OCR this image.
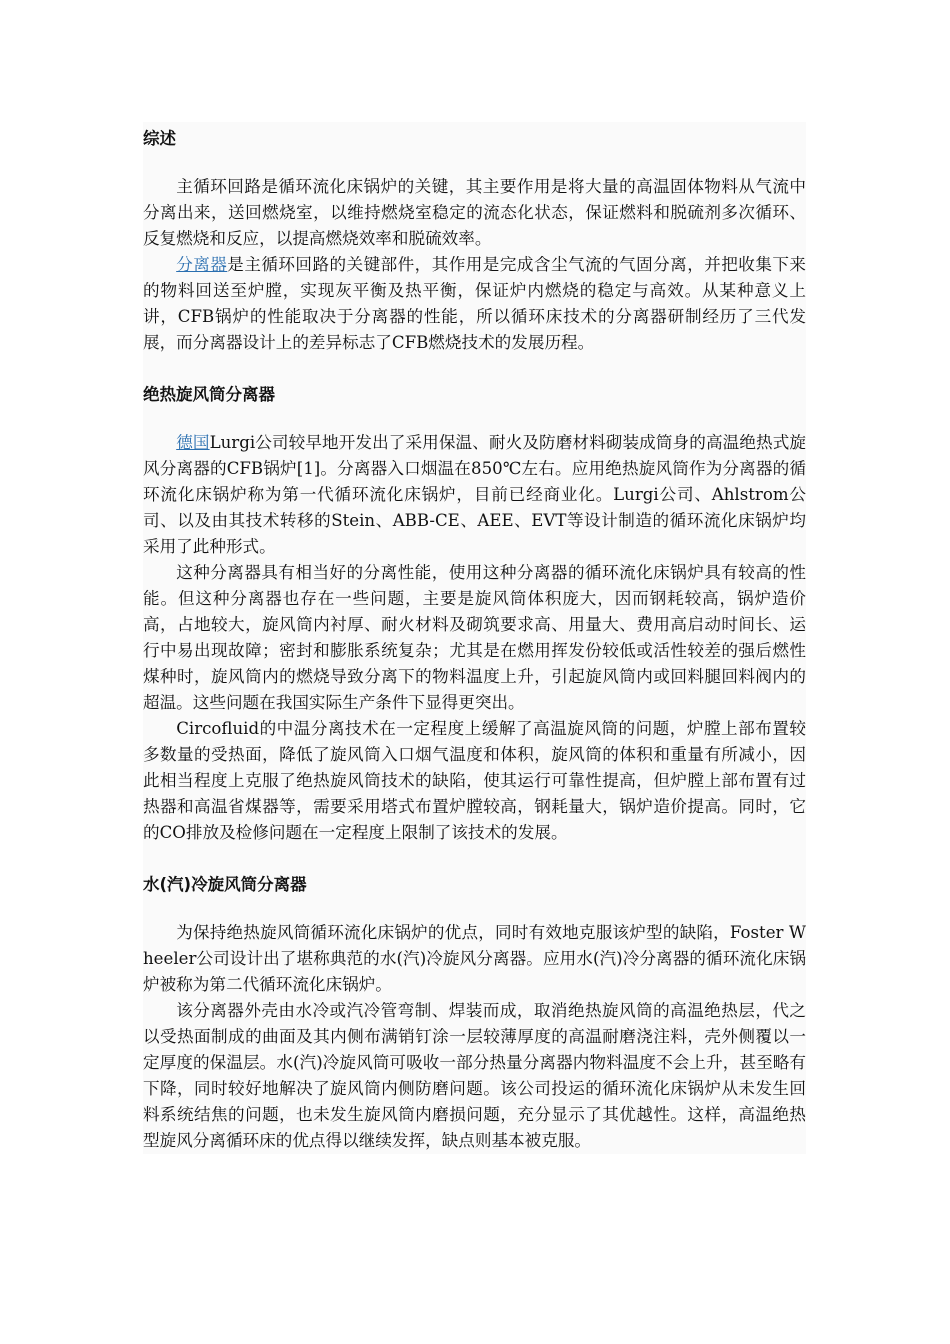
综述

主循环回路是循环流化床锅炉的关键，其主要作用是将大量的高温固体物料从气流中分离出来，送回燃烧室，以维持燃烧室稳定的流态化状态，保证燃料和脱硫剂多次循环、反复燃烧和反应，以提高燃烧效率和脱硫效率。

分离器是主循环回路的关键部件，其作用是完成含尘气流的气固分离，并把收集下来的物料回送至炉膛，实现灰平衡及热平衡，保证炉内燃烧的稳定与高效。从某种意义上讲，CFB锅炉的性能取决于分离器的性能，所以循环床技术的分离器研制经历了三代发展，而分离器设计上的差异标志了CFB燃烧技术的发展历程。

绝热旋风筒分离器

德国Lurgi公司较早地开发出了采用保温、耐火及防磨材料砌装成筒身的高温绝热式旋风分离器的CFB锅炉[1]。分离器入口烟温在850℃左右。应用绝热旋风筒作为分离器的循环流化床锅炉称为第一代循环流化床锅炉，目前已经商业化。Lurgi公司、Ahlstrom公司、以及由其技术转移的Stein、ABB-CE、AEE、EVT等设计制造的循环流化床锅炉均采用了此种形式。

这种分离器具有相当好的分离性能，使用这种分离器的循环流化床锅炉具有较高的性能。但这种分离器也存在一些问题，主要是旋风筒体积庞大，因而钢耗较高，锅炉造价高，占地较大，旋风筒内衬厚、耐火材料及砌筑要求高、用量大、费用高启动时间长、运行中易出现故障；密封和膨胀系统复杂；尤其是在燃用挥发份较低或活性较差的强后燃性煤种时，旋风筒内的燃烧导致分离下的物料温度上升，引起旋风筒内或回料腿回料阀内的超温。这些问题在我国实际生产条件下显得更突出。

Circofluid的中温分离技术在一定程度上缓解了高温旋风筒的问题，炉膛上部布置较多数量的受热面，降低了旋风筒入口烟气温度和体积，旋风筒的体积和重量有所减小，因此相当程度上克服了绝热旋风筒技术的缺陷，使其运行可靠性提高，但炉膛上部布置有过热器和高温省煤器等，需要采用塔式布置炉膛较高，钢耗量大，锅炉造价提高。同时，它的CO排放及检修问题在一定程度上限制了该技术的发展。

水(汽)冷旋风筒分离器

为保持绝热旋风筒循环流化床锅炉的优点，同时有效地克服该炉型的缺陷，Foster Wheeler公司设计出了堪称典范的水(汽)冷旋风分离器。应用水(汽)冷分离器的循环流化床锅炉被称为第二代循环流化床锅炉。

该分离器外壳由水冷或汽冷管弯制、焊装而成，取消绝热旋风筒的高温绝热层，代之以受热面制成的曲面及其内侧布满销钉涂一层较薄厚度的高温耐磨浇注料，壳外侧覆以一定厚度的保温层。水(汽)冷旋风筒可吸收一部分热量分离器内物料温度不会上升，甚至略有下降，同时较好地解决了旋风筒内侧防磨问题。该公司投运的循环流化床锅炉从未发生回料系统结焦的问题，也未发生旋风筒内磨损问题，充分显示了其优越性。这样，高温绝热型旋风分离循环床的优点得以继续发挥，缺点则基本被克服。
